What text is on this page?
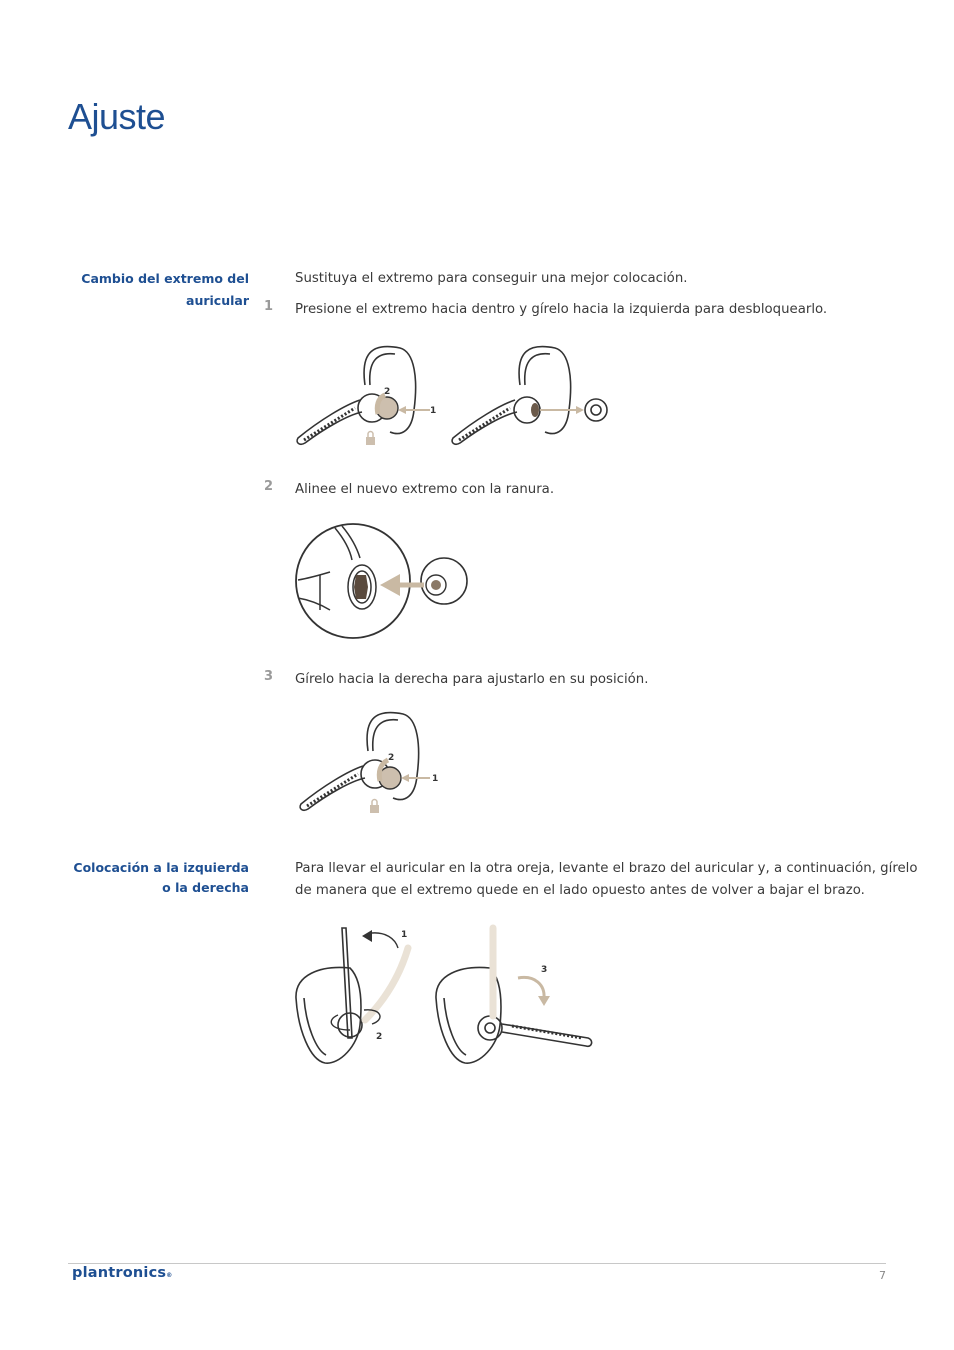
Ajuste
Cambio del extremo del
auricular
Sustituya el extremo para conseguir una mejor colocación.
1 Presione el extremo hacia dentro y gírelo hacia la izquierda para desbloquearlo.
2
1
2 Alinee el nuevo extremo con la ranura.
3 Gírelo hacia la derecha para ajustarlo en su posición.
2
1
Colocación a la izquierda
o la derecha
Para llevar el auricular en la otra oreja, levante el brazo del auricular y, a continuación, gírelo
de manera que el extremo quede en el lado opuesto antes de volver a bajar el brazo.
1
2
3
plantronics®	7
